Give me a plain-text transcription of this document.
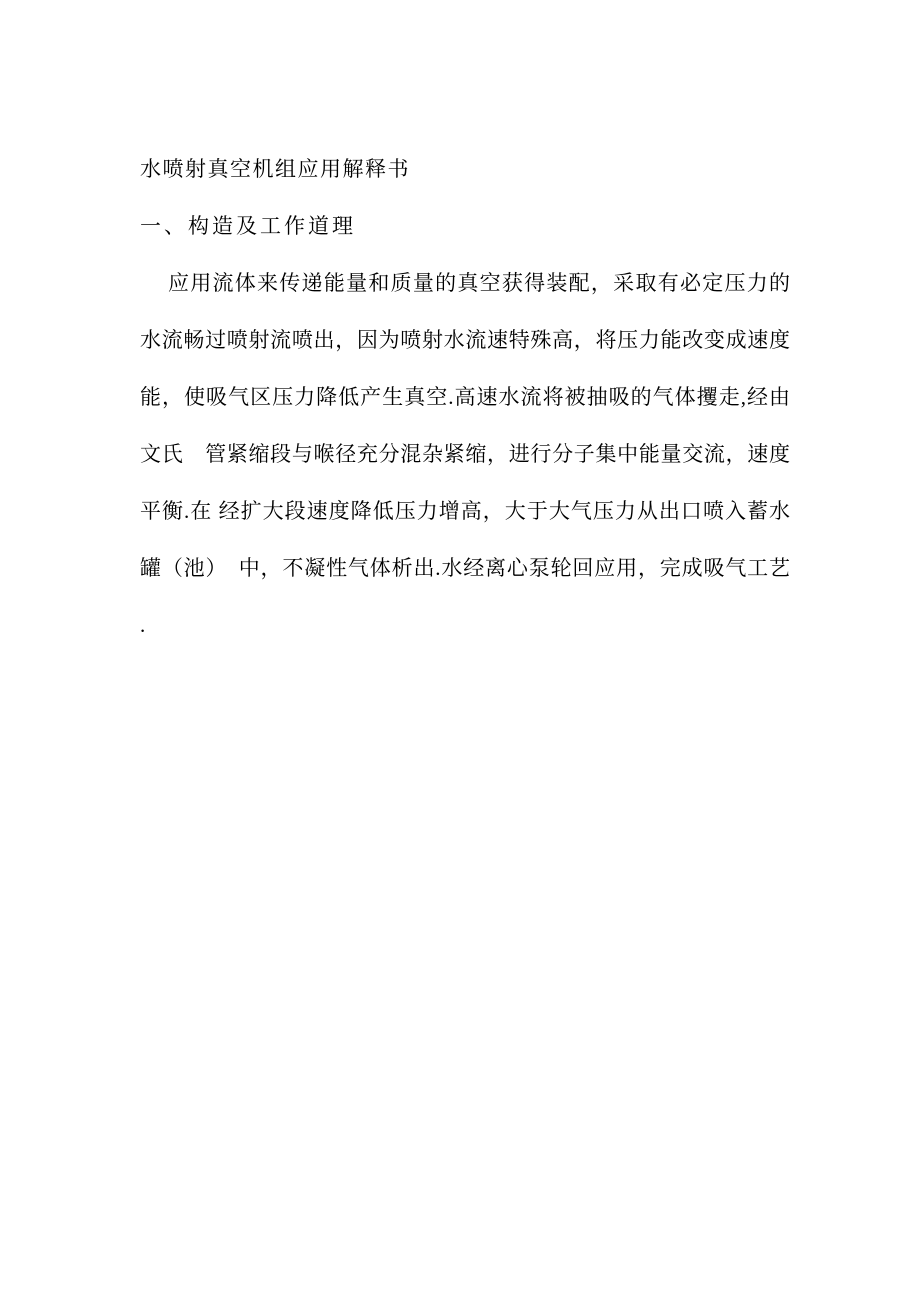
水喷射真空机组应用解释书
一、构造及工作道理
应用流体来传递能量和质量的真空获得装配，采取有必定压力的
水流畅过喷射流喷出，因为喷射水流速特殊高，将压力能改变成速度
能，使吸气区压力降低产生真空.高速水流将被抽吸的气体攫走,经由
文氏　管紧缩段与喉径充分混杂紧缩，进行分子集中能量交流，速度
平衡.在 经扩大段速度降低压力增高，大于大气压力从出口喷入蓄水
罐（池）　中，不凝性气体析出.水经离心泵轮回应用，完成吸气工艺
.
